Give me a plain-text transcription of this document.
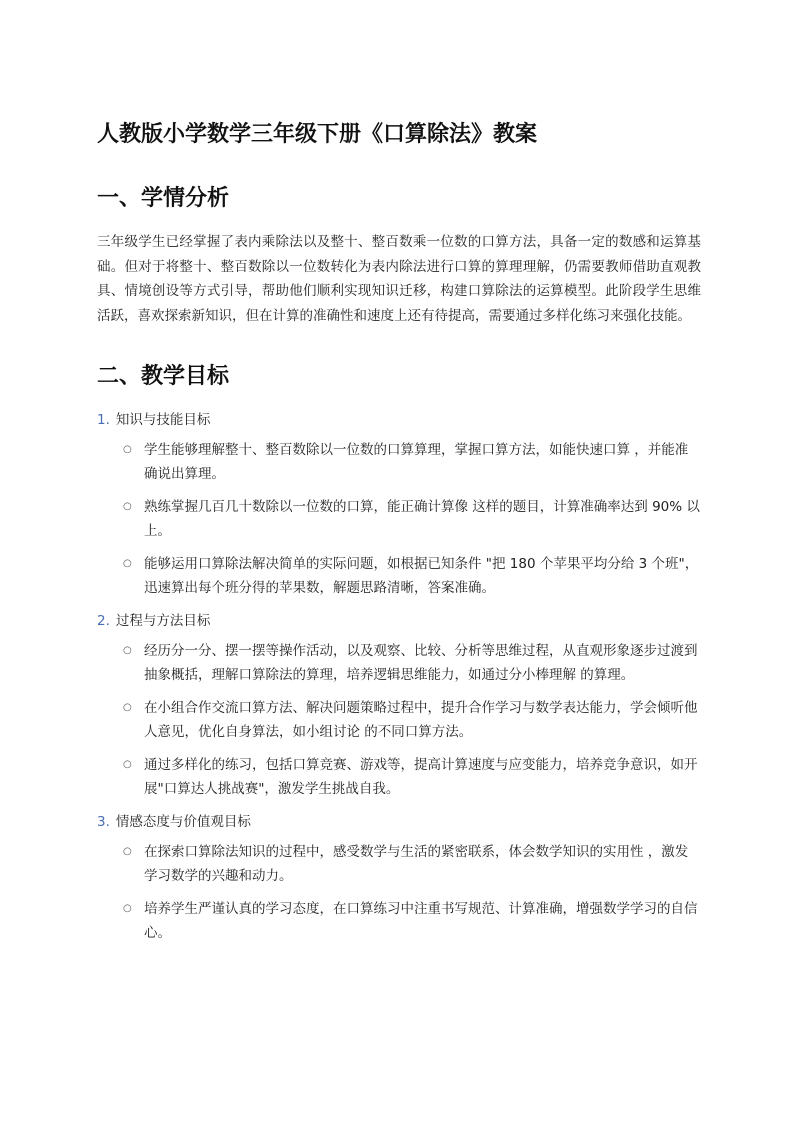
人教版小学数学三年级下册《口算除法》教案
一、学情分析

三年级学生已经掌握了表内乘除法以及整十、整百数乘一位数的口算方法，具备一定的数感和运算基础。但对于将整十、整百数除以一位数转化为表内除法进行口算的算理理解，仍需要教师借助直观教具、情境创设等方式引导，帮助他们顺利实现知识迁移，构建口算除法的运算模型。此阶段学生思维活跃，喜欢探索新知识，但在计算的准确性和速度上还有待提高，需要通过多样化练习来强化技能。

二、教学目标
1. 知识与技能目标
○ 学生能够理解整十、整百数除以一位数的口算算理，掌握口算方法，如能快速口算 ，并能准确说出算理。
○ 熟练掌握几百几十数除以一位数的口算，能正确计算像 这样的题目，计算准确率达到 90% 以上。
○ 能够运用口算除法解决简单的实际问题，如根据已知条件 "把 180 个苹果平均分给 3 个班"，迅速算出每个班分得的苹果数，解题思路清晰，答案准确。
2. 过程与方法目标
○ 经历分一分、摆一摆等操作活动，以及观察、比较、分析等思维过程，从直观形象逐步过渡到抽象概括，理解口算除法的算理，培养逻辑思维能力，如通过分小棒理解 的算理。
○ 在小组合作交流口算方法、解决问题策略过程中，提升合作学习与数学表达能力，学会倾听他人意见，优化自身算法，如小组讨论 的不同口算方法。
○ 通过多样化的练习，包括口算竞赛、游戏等，提高计算速度与应变能力，培养竞争意识，如开展"口算达人挑战赛"，激发学生挑战自我。
3. 情感态度与价值观目标
○ 在探索口算除法知识的过程中，感受数学与生活的紧密联系，体会数学知识的实用性 ，激发学习数学的兴趣和动力。
○ 培养学生严谨认真的学习态度，在口算练习中注重书写规范、计算准确，增强数学学习的自信心。
